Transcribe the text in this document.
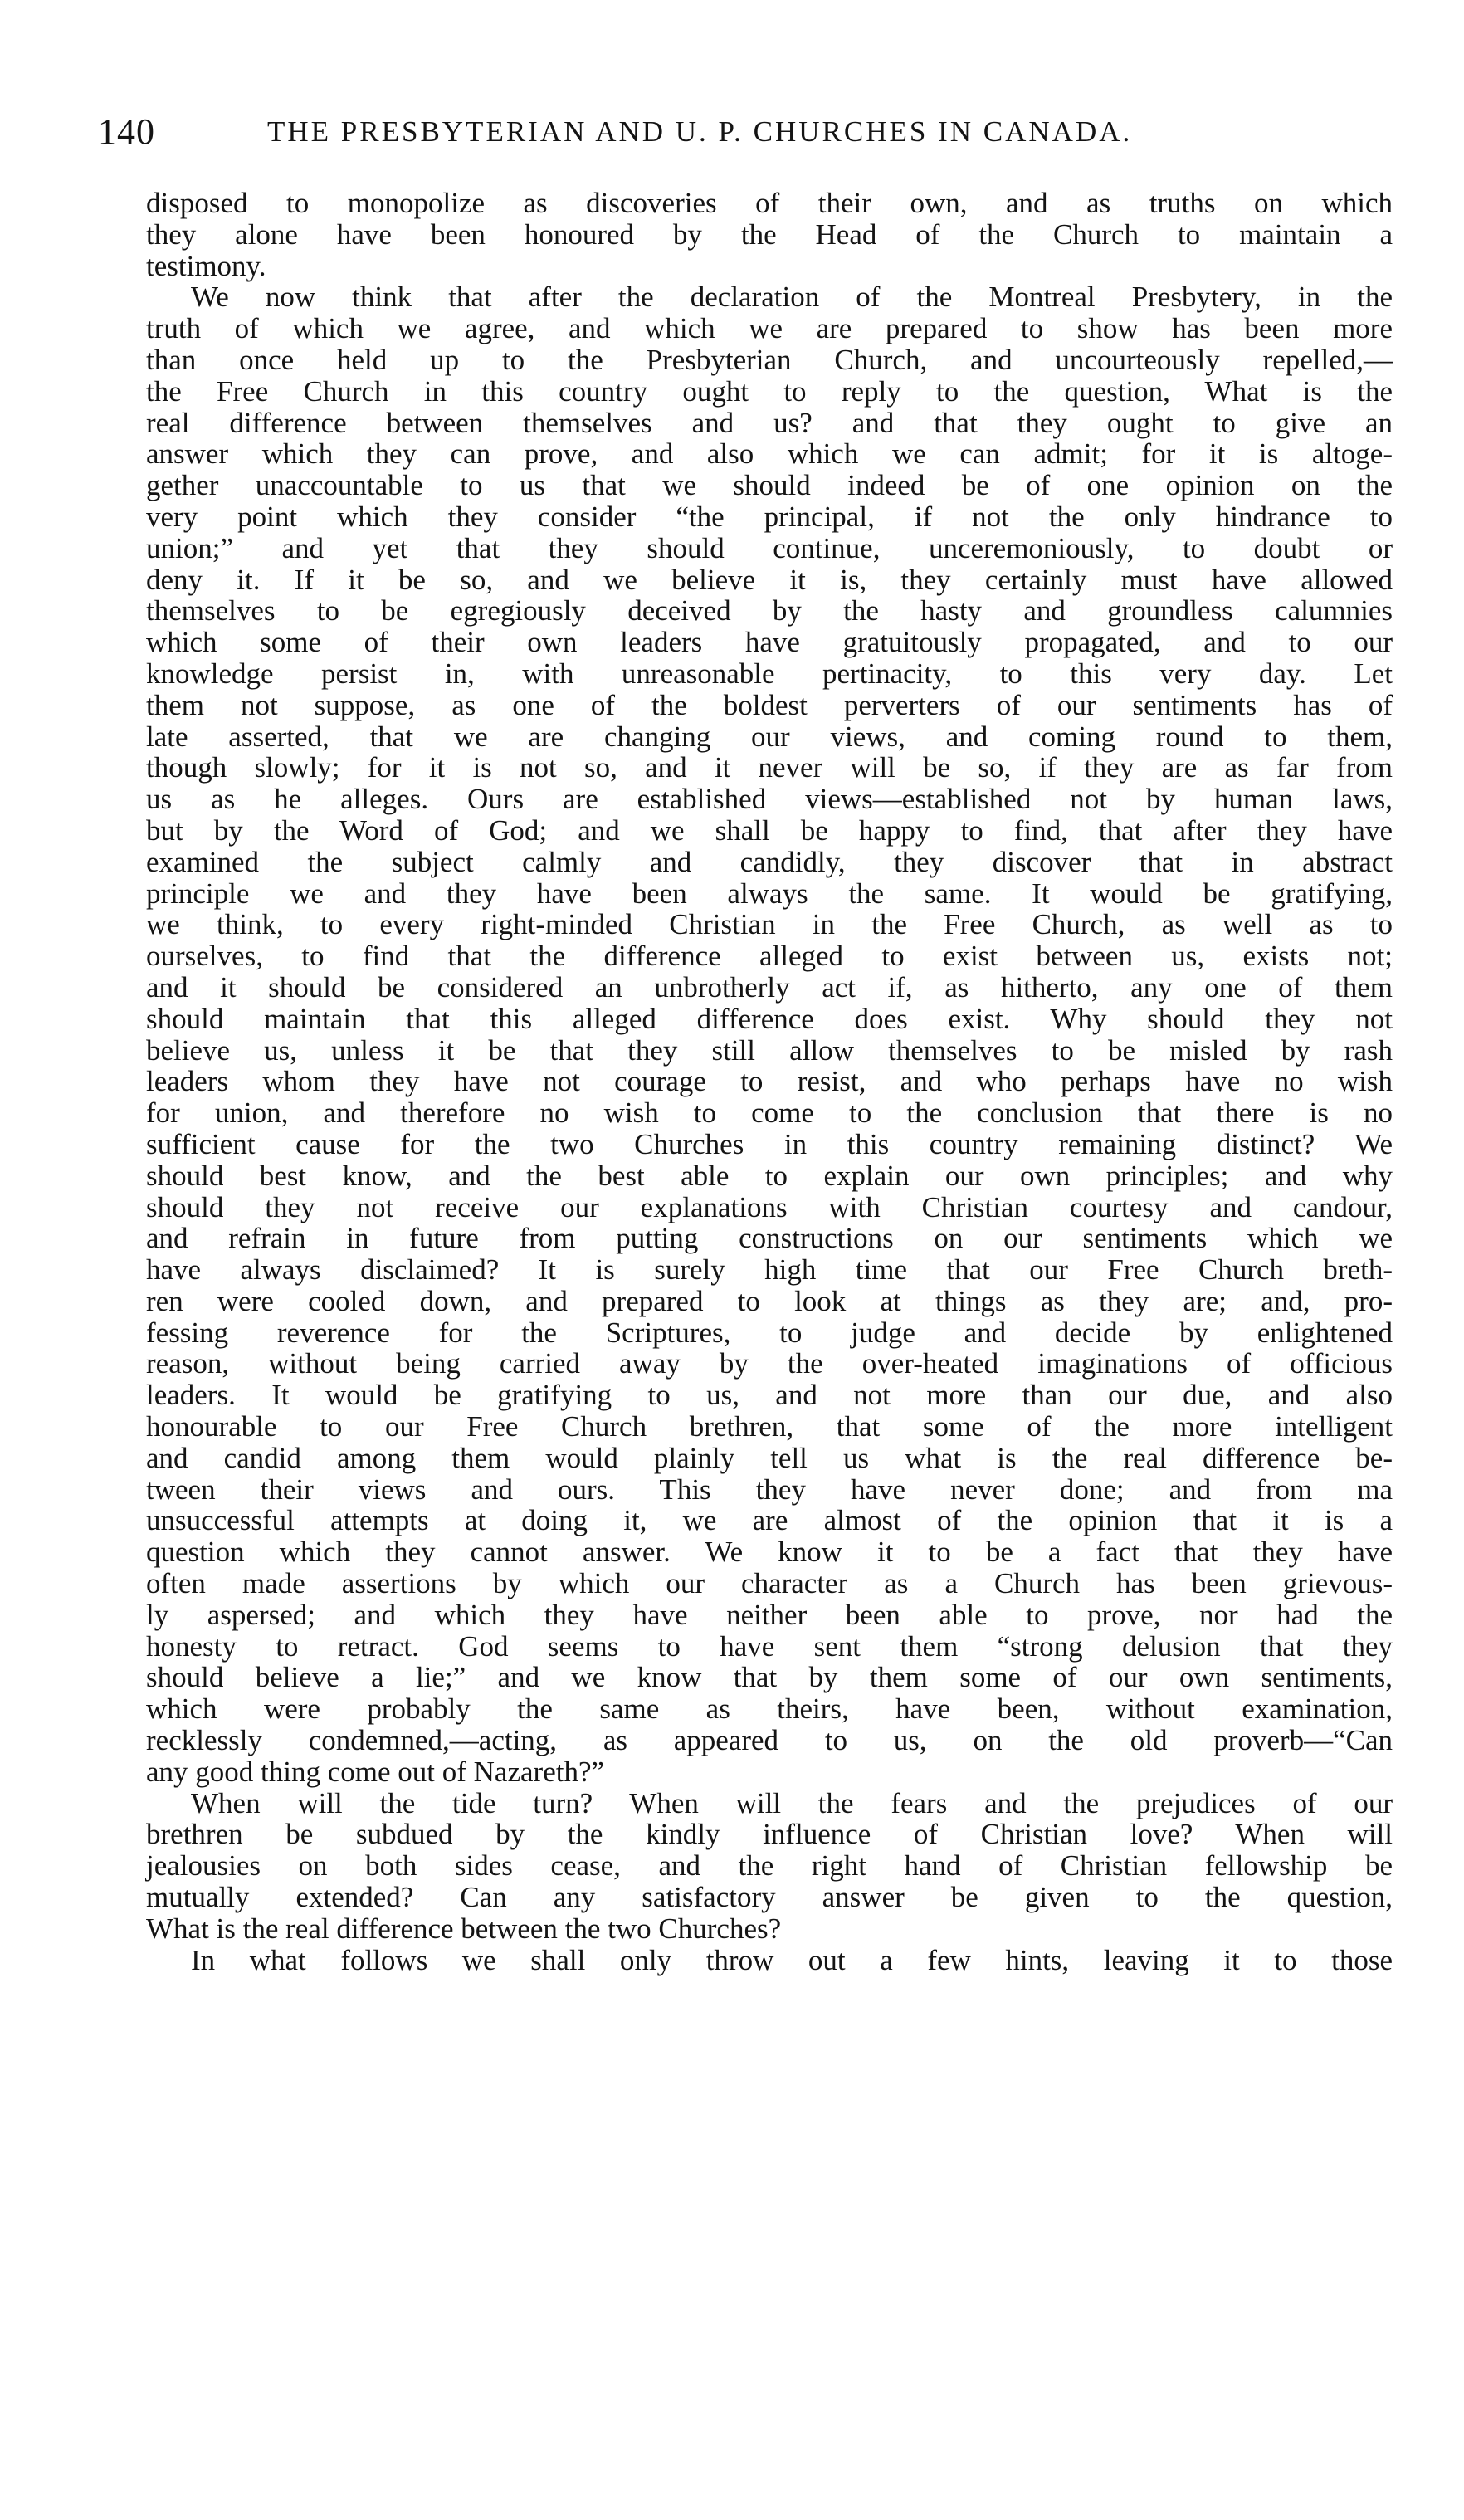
140	THE PRESBYTERIAN AND U. P. CHURCHES IN CANADA.
disposed to monopolize as discoveries of their own, and as truths on which
they alone have been honoured by the Head of the Church to maintain a
testimony.
We now think that after the declaration of the Montreal Presbytery, in the
truth of which we agree, and which we are prepared to show has been more
than once held up to the Presbyterian Church, and uncourteously repelled,—
the Free Church in this country ought to reply to the question, What is the
real difference between themselves and us? and that they ought to give an
answer which they can prove, and also which we can admit; for it is altoge-
gether unaccountable to us that we should indeed be of one opinion on the
very point which they consider “the principal, if not the only hindrance to
union;” and yet that they should continue, unceremoniously, to doubt or
deny it. If it be so, and we believe it is, they certainly must have allowed
themselves to be egregiously deceived by the hasty and groundless calumnies
which some of their own leaders have gratuitously propagated, and to our
knowledge persist in, with unreasonable pertinacity, to this very day. Let
them not suppose, as one of the boldest perverters of our sentiments has of
late asserted, that we are changing our views, and coming round to them,
though slowly; for it is not so, and it never will be so, if they are as far from
us as he alleges. Ours are established views—established not by human laws,
but by the Word of God; and we shall be happy to find, that after they have
examined the subject calmly and candidly, they discover that in abstract
principle we and they have been always the same. It would be gratifying,
we think, to every right-minded Christian in the Free Church, as well as to
ourselves, to find that the difference alleged to exist between us, exists not;
and it should be considered an unbrotherly act if, as hitherto, any one of them
should maintain that this alleged difference does exist. Why should they not
believe us, unless it be that they still allow themselves to be misled by rash
leaders whom they have not courage to resist, and who perhaps have no wish
for union, and therefore no wish to come to the conclusion that there is no
sufficient cause for the two Churches in this country remaining distinct? We
should best know, and the best able to explain our own principles; and why
should they not receive our explanations with Christian courtesy and candour,
and refrain in future from putting constructions on our sentiments which we
have always disclaimed? It is surely high time that our Free Church breth-
ren were cooled down, and prepared to look at things as they are; and, pro-
fessing reverence for the Scriptures, to judge and decide by enlightened
reason, without being carried away by the over-heated imaginations of officious
leaders. It would be gratifying to us, and not more than our due, and also
honourable to our Free Church brethren, that some of the more intelligent
and candid among them would plainly tell us what is the real difference be-
tween their views and ours. This they have never done; and from ma
unsuccessful attempts at doing it, we are almost of the opinion that it is a
question which they cannot answer. We know it to be a fact that they have
often made assertions by which our character as a Church has been grievous-
ly aspersed; and which they have neither been able to prove, nor had the
honesty to retract. God seems to have sent them “strong delusion that they
should believe a lie;” and we know that by them some of our own sentiments,
which were probably the same as theirs, have been, without examination,
recklessly condemned,—acting, as appeared to us, on the old proverb—“Can
any good thing come out of Nazareth?”
When will the tide turn? When will the fears and the prejudices of our
brethren be subdued by the kindly influence of Christian love? When will
jealousies on both sides cease, and the right hand of Christian fellowship be
mutually extended? Can any satisfactory answer be given to the question,
What is the real difference between the two Churches?
In what follows we shall only throw out a few hints, leaving it to those
